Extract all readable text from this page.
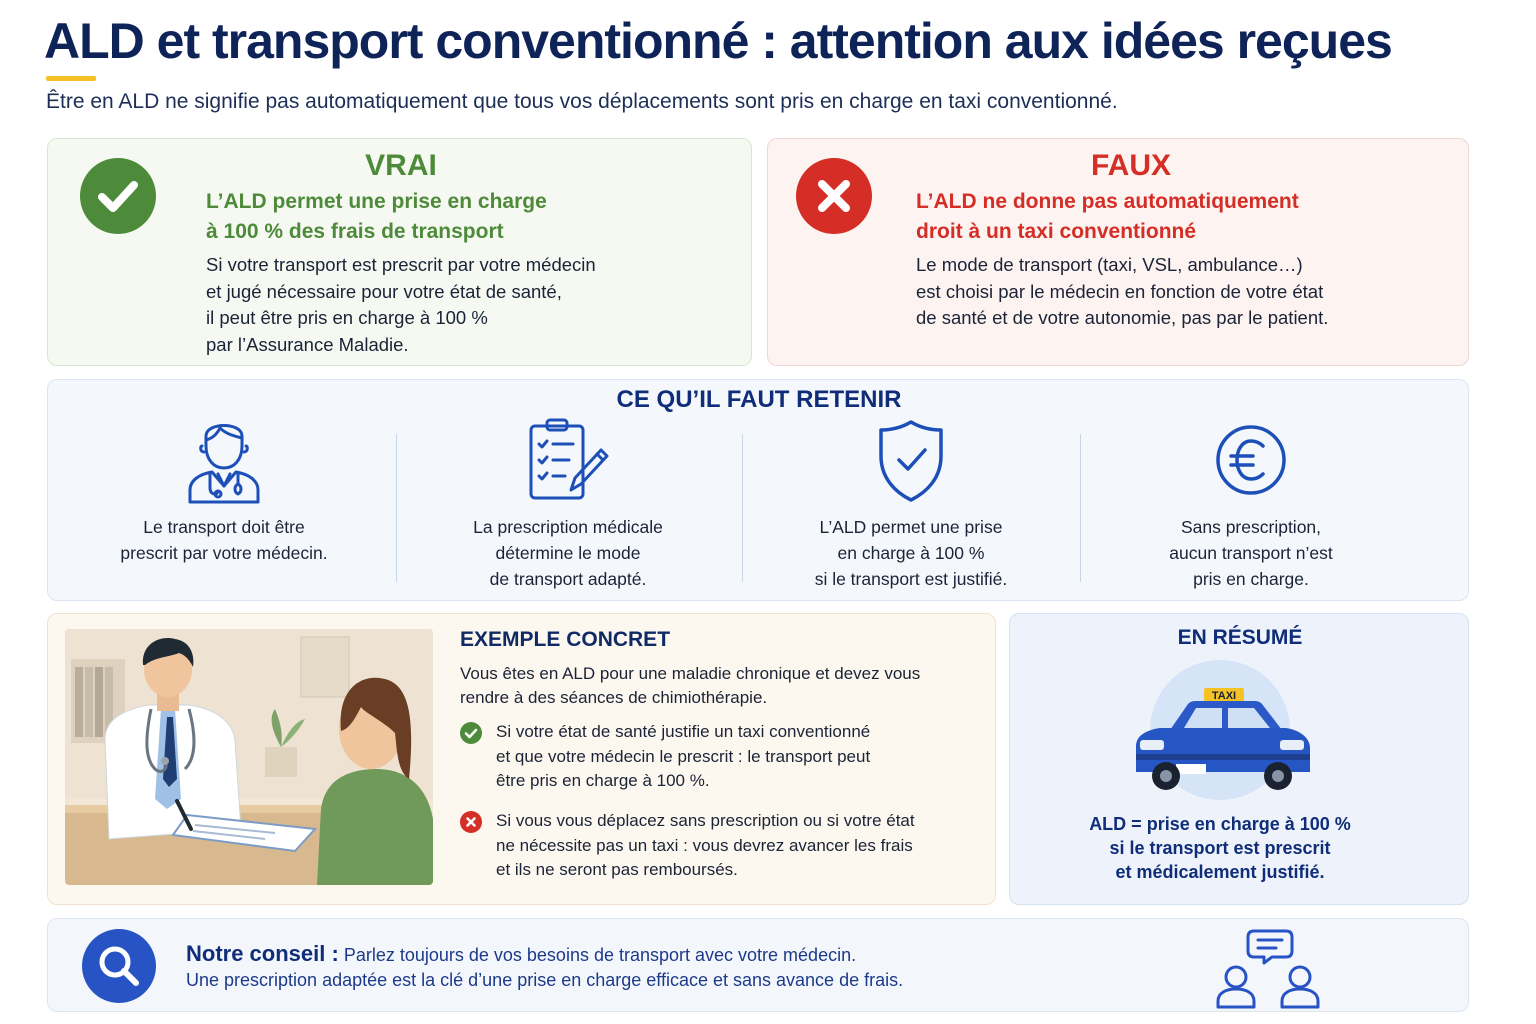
ALD et transport conventionné : attention aux idées reçues

Être en ALD ne signifie pas automatiquement que tous vos déplacements sont pris en charge en taxi conventionné.

VRAI

L’ALD permet une prise en charge
à 100 % des frais de transport

Si votre transport est prescrit par votre médecin
et jugé nécessaire pour votre état de santé,
il peut être pris en charge à 100 %
par l’Assurance Maladie.

FAUX

L’ALD ne donne pas automatiquement
droit à un taxi conventionné

Le mode de transport (taxi, VSL, ambulance…)
est choisi par le médecin en fonction de votre état
de santé et de votre autonomie, pas par le patient.

CE QU’IL FAUT RETENIR

Le transport doit être
prescrit par votre médecin.

La prescription médicale
détermine le mode
de transport adapté.

L’ALD permet une prise
en charge à 100 %
si le transport est justifié.

Sans prescription,
aucun transport n’est
pris en charge.

EXEMPLE CONCRET

Vous êtes en ALD pour une maladie chronique et devez vous
rendre à des séances de chimiothérapie.

Si votre état de santé justifie un taxi conventionné
et que votre médecin le prescrit : le transport peut
être pris en charge à 100 %.

Si vous vous déplacez sans prescription ou si votre état
ne nécessite pas un taxi : vous devrez avancer les frais
et ils ne seront pas remboursés.

EN RÉSUMÉ
TAXI

ALD = prise en charge à 100 %
si le transport est prescrit
et médicalement justifié.

Notre conseil : Parlez toujours de vos besoins de transport avec votre médecin.

Une prescription adaptée est la clé d’une prise en charge efficace et sans avance de frais.
